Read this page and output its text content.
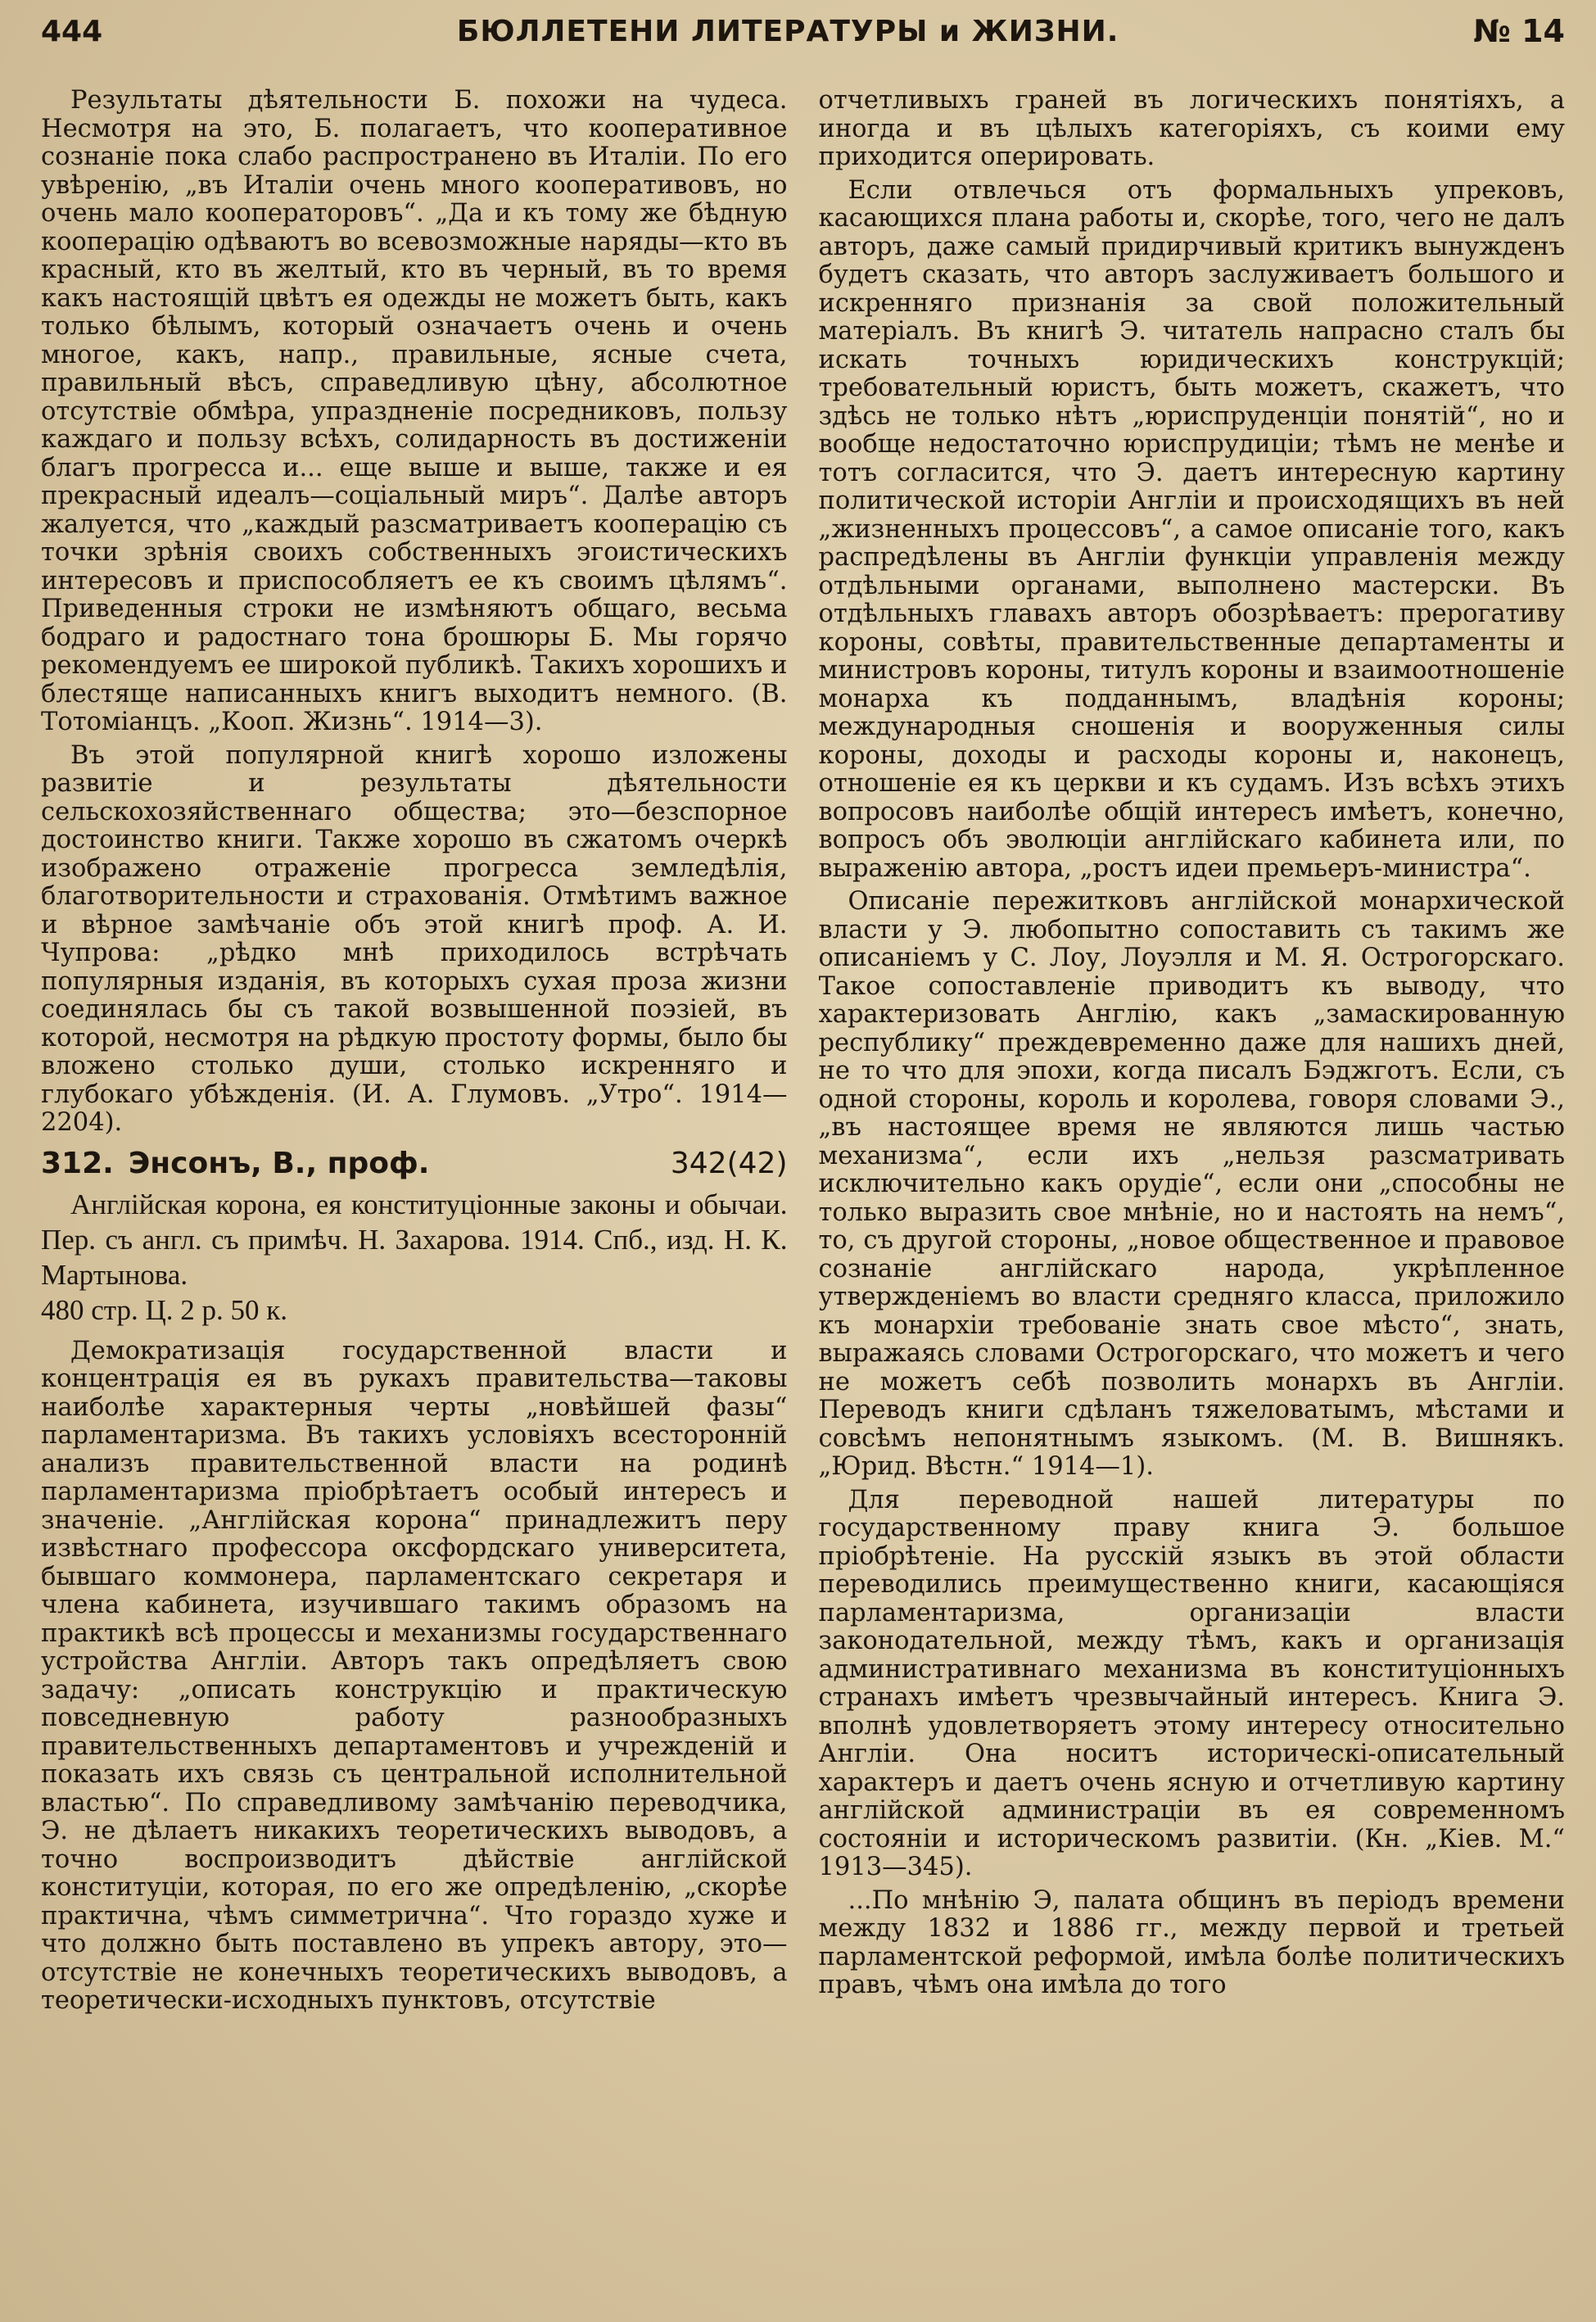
444	БЮЛЛЕТЕНИ ЛИТЕРАТУРЫ и ЖИЗНИ.	№ 14

Результаты дѣятельности Б. похожи на чудеса. Несмотря на это, Б. полагаетъ, что кооперативное сознаніе пока слабо распространено въ Италіи. По его увѣренію, „въ Италіи очень много кооперативовъ, но очень мало кооператоровъ“. „Да и къ тому же бѣдную кооперацію одѣваютъ во всевозможные наряды—кто въ красный, кто въ желтый, кто въ черный, въ то время какъ настоящій цвѣтъ ея одежды не можетъ быть, какъ только бѣлымъ, который означаетъ очень и очень многое, какъ, напр., правильные, ясные счета, правильный вѣсъ, справедливую цѣну, абсолютное отсутствіе обмѣра, упраздненіе посредниковъ, пользу каждаго и пользу всѣхъ, солидарность въ достиженіи благъ прогресса и... еще выше и выше, также и ея прекрасный идеалъ—соціальный миръ“. Далѣе авторъ жалуется, что „каждый разсматриваетъ кооперацію съ точки зрѣнія своихъ собственныхъ эгоистическихъ интересовъ и приспособляетъ ее къ своимъ цѣлямъ“. Приведенныя строки не измѣняютъ общаго, весьма бодраго и радостнаго тона брошюры Б. Мы горячо рекомендуемъ ее широкой публикѣ. Такихъ хорошихъ и блестяще написанныхъ книгъ выходитъ немного. (В. Тотоміанцъ. „Кооп. Жизнь“. 1914—3).

Въ этой популярной книгѣ хорошо изложены развитіе и результаты дѣятельности сельскохозяйственнаго общества; это—безспорное достоинство книги. Также хорошо въ сжатомъ очеркѣ изображено отраженіе прогресса земледѣлія, благотворительности и страхованія. Отмѣтимъ важное и вѣрное замѣчаніе объ этой книгѣ проф. А. И. Чупрова: „рѣдко мнѣ приходилось встрѣчать популярныя изданія, въ которыхъ сухая проза жизни соединялась бы съ такой возвышенной поэзіей, въ которой, несмотря на рѣдкую простоту формы, было бы вложено столько души, столько искренняго и глубокаго убѣжденія. (И. А. Глумовъ. „Утро“. 1914—2204).

312. Энсонъ, В., проф.	342(42)
Англійская корона, ея конституціонные законы и обычаи. Пер. съ англ. съ примѣч. Н. Захарова. 1914. Спб., изд. Н. К. Мартынова.
480 стр. Ц. 2 р. 50 к.

Демократизація государственной власти и концентрація ея въ рукахъ правительства—таковы наиболѣе характерныя черты „новѣйшей фазы“ парламентаризма. Въ такихъ условіяхъ всесторонній анализъ правительственной власти на родинѣ парламентаризма пріобрѣтаетъ особый интересъ и значеніе. „Англійская корона“ принадлежитъ перу извѣстнаго профессора оксфордскаго университета, бывшаго коммонера, парламентскаго секретаря и члена кабинета, изучившаго такимъ образомъ на практикѣ всѣ процессы и механизмы государственнаго устройства Англіи. Авторъ такъ опредѣляетъ свою задачу: „описать конструкцію и практическую повседневную работу разнообразныхъ правительственныхъ департаментовъ и учрежденій и показать ихъ связь съ центральной исполнительной властью“. По справедливому замѣчанію переводчика, Э. не дѣлаетъ никакихъ теоретическихъ выводовъ, а точно воспроизводитъ дѣйствіе англійской конституціи, которая, по его же опредѣленію, „скорѣе практична, чѣмъ симметрична“. Что гораздо хуже и что должно быть поставлено въ упрекъ автору, это—отсутствіе не конечныхъ теоретическихъ выводовъ, а теоретически-исходныхъ пунктовъ, отсутствіе

отчетливыхъ граней въ логическихъ понятіяхъ, а иногда и въ цѣлыхъ категоріяхъ, съ коими ему приходится оперировать.

Если отвлечься отъ формальныхъ упрековъ, касающихся плана работы и, скорѣе, того, чего не далъ авторъ, даже самый придирчивый критикъ вынужденъ будетъ сказать, что авторъ заслуживаетъ большого и искренняго признанія за свой положительный матеріалъ. Въ книгѣ Э. читатель напрасно сталъ бы искать точныхъ юридическихъ конструкцій; требовательный юристъ, быть можетъ, скажетъ, что здѣсь не только нѣтъ „юриспруденціи понятій“, но и вообще недостаточно юриспрудиціи; тѣмъ не менѣе и тотъ согласится, что Э. даетъ интересную картину политической исторіи Англіи и происходящихъ въ ней „жизненныхъ процессовъ“, а самое описаніе того, какъ распредѣлены въ Англіи функціи управленія между отдѣльными органами, выполнено мастерски. Въ отдѣльныхъ главахъ авторъ обозрѣваетъ: прерогативу короны, совѣты, правительственные департаменты и министровъ короны, титулъ короны и взаимоотношеніе монарха къ подданнымъ, владѣнія короны; международныя сношенія и вооруженныя силы короны, доходы и расходы короны и, наконецъ, отношеніе ея къ церкви и къ судамъ. Изъ всѣхъ этихъ вопросовъ наиболѣе общій интересъ имѣетъ, конечно, вопросъ объ эволюціи англійскаго кабинета или, по выраженію автора, „ростъ идеи премьеръ-министра“.

Описаніе пережитковъ англійской монархической власти у Э. любопытно сопоставить съ такимъ же описаніемъ у С. Лоу, Лоуэлля и М. Я. Острогорскаго. Такое сопоставленіе приводитъ къ выводу, что характеризовать Англію, какъ „замаскированную республику“ преждевременно даже для нашихъ дней, не то что для эпохи, когда писалъ Бэджготъ. Если, съ одной стороны, король и королева, говоря словами Э., „въ настоящее время не являются лишь частью механизма“, если ихъ „нельзя разсматривать исключительно какъ орудіе“, если они „способны не только выразить свое мнѣніе, но и настоять на немъ“, то, съ другой стороны, „новое общественное и правовое сознаніе англійскаго народа, укрѣпленное утвержденіемъ во власти средняго класса, приложило къ монархіи требованіе знать свое мѣсто“, знать, выражаясь словами Острогорскаго, что можетъ и чего не можетъ себѣ позволить монархъ въ Англіи. Переводъ книги сдѣланъ тяжеловатымъ, мѣстами и совсѣмъ непонятнымъ языкомъ. (М. В. Вишнякъ. „Юрид. Вѣстн.“ 1914—1).

Для переводной нашей литературы по государственному праву книга Э. большое пріобрѣтеніе. На русскій языкъ въ этой области переводились преимущественно книги, касающіяся парламентаризма, организаціи власти законодательной, между тѣмъ, какъ и организація административнаго механизма въ конституціонныхъ странахъ имѣетъ чрезвычайный интересъ. Книга Э. вполнѣ удовлетворяетъ этому интересу относительно Англіи. Она носитъ историческі-описательный характеръ и даетъ очень ясную и отчетливую картину англійской администраціи въ ея современномъ состояніи и историческомъ развитіи. (Кн. „Кіев. М.“ 1913—345).

...По мнѣнію Э, палата общинъ въ періодъ времени между 1832 и 1886 гг., между первой и третьей парламентской реформой, имѣла болѣе политическихъ правъ, чѣмъ она имѣла до того
